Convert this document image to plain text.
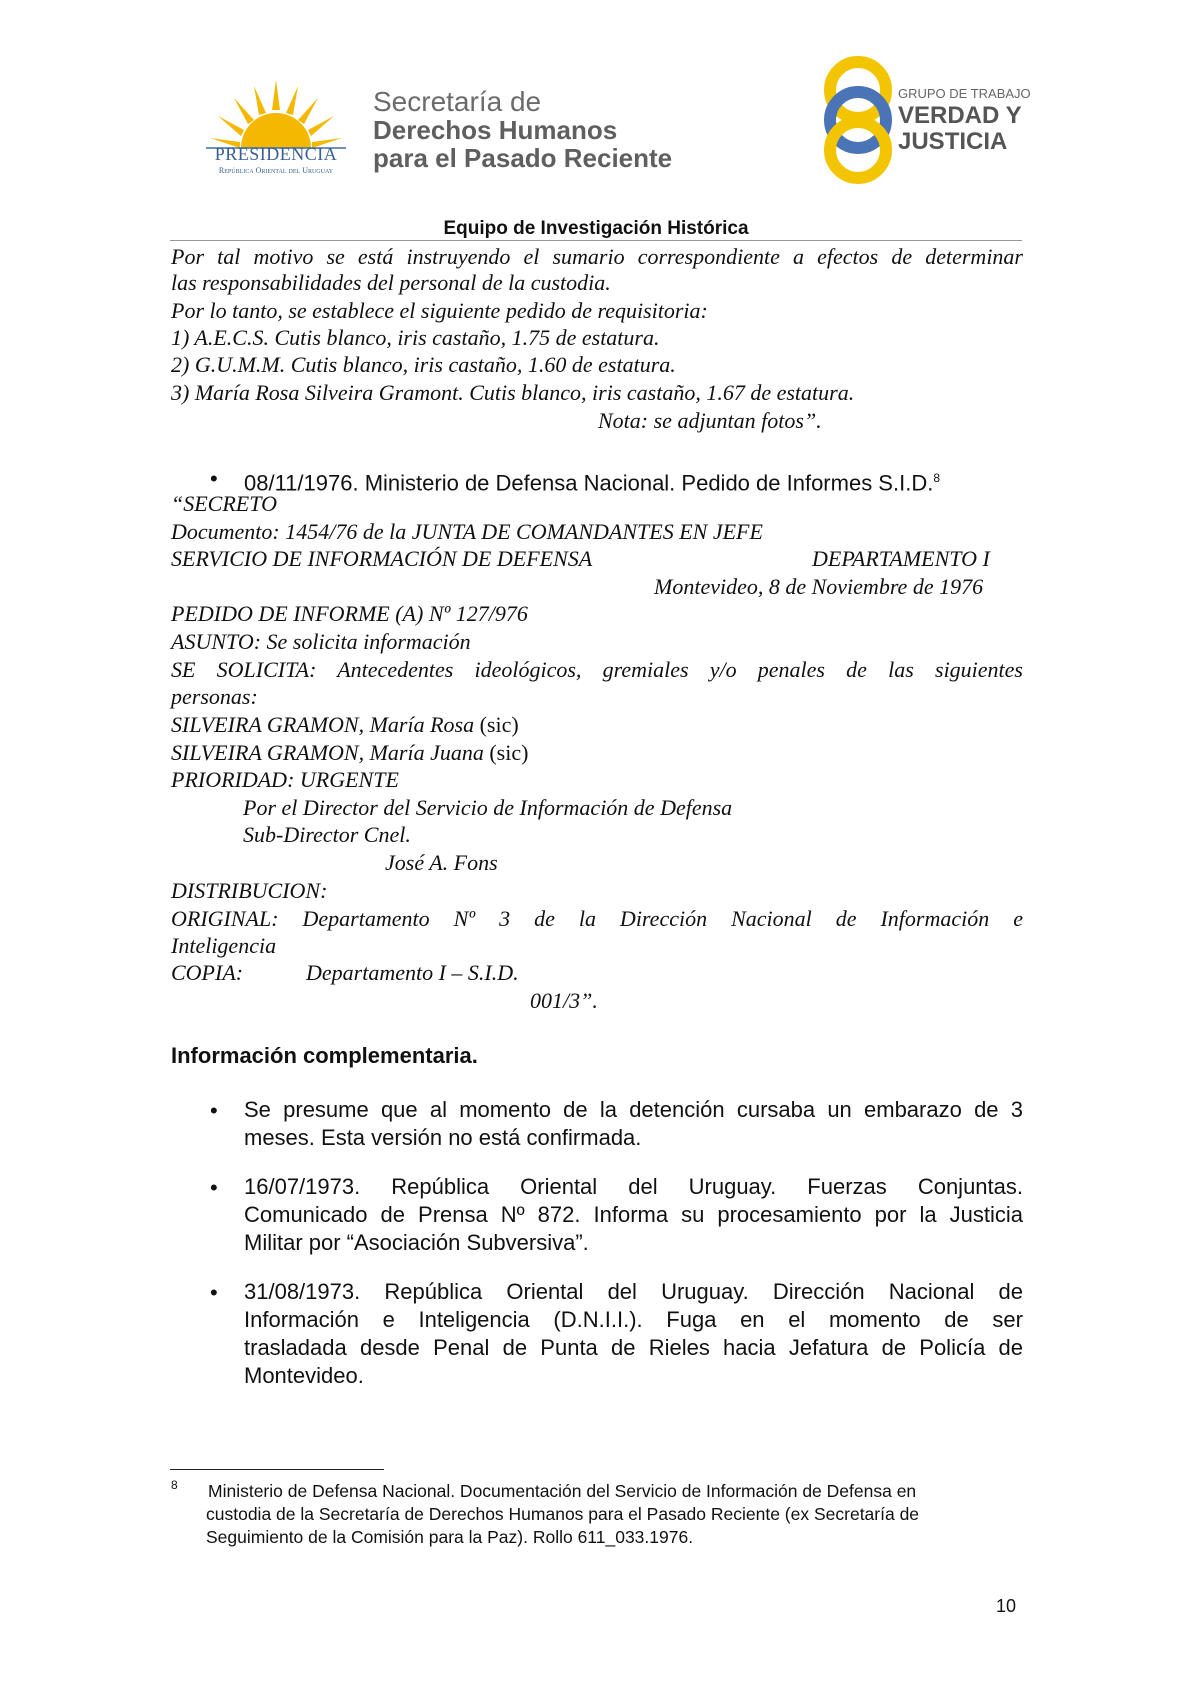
PRESIDENCIA
República Oriental del Uruguay
Secretaría de
Derechos Humanos
para el Pasado Reciente
GRUPO DE TRABAJO
VERDAD Y
JUSTICIA
Equipo de Investigación Histórica
Por tal motivo se está instruyendo el sumario correspondiente a efectos de determinar
las responsabilidades del personal de la custodia.
Por lo tanto, se establece el siguiente pedido de requisitoria:
1) A.E.C.S. Cutis blanco, iris castaño, 1.75 de estatura.
2) G.U.M.M. Cutis blanco, iris castaño, 1.60 de estatura.
3) María Rosa Silveira Gramont. Cutis blanco, iris castaño, 1.67 de estatura.
Nota: se adjuntan fotos”.
• 08/11/1976. Ministerio de Defensa Nacional. Pedido de Informes S.I.D.$^8$
“SECRETO
Documento: 1454/76 de la JUNTA DE COMANDANTES EN JEFE
SERVICIO DE INFORMACIÓN DE DEFENSA	DEPARTAMENTO I
Montevideo, 8 de Noviembre de 1976
PEDIDO DE INFORME (A) Nº 127/976
ASUNTO: Se solicita información
SE SOLICITA: Antecedentes ideológicos, gremiales y/o penales de las siguientes
personas:
SILVEIRA GRAMON, María Rosa (sic)
SILVEIRA GRAMON, María Juana (sic)
PRIORIDAD: URGENTE
Por el Director del Servicio de Información de Defensa
Sub-Director Cnel.
José A. Fons
DISTRIBUCION:
ORIGINAL: Departamento Nº 3 de la Dirección Nacional de Información e
Inteligencia
COPIA:	Departamento I – S.I.D.
001/3”.
Información complementaria.
• Se presume que al momento de la detención cursaba un embarazo de 3
meses. Esta versión no está confirmada.
• 16/07/1973. República Oriental del Uruguay. Fuerzas Conjuntas.
Comunicado de Prensa Nº 872. Informa su procesamiento por la Justicia
Militar por “Asociación Subversiva”.
• 31/08/1973. República Oriental del Uruguay. Dirección Nacional de
Información e Inteligencia (D.N.I.I.). Fuga en el momento de ser
trasladada desde Penal de Punta de Rieles hacia Jefatura de Policía de
Montevideo.
8 Ministerio de Defensa Nacional. Documentación del Servicio de Información de Defensa en
custodia de la Secretaría de Derechos Humanos para el Pasado Reciente (ex Secretaría de
Seguimiento de la Comisión para la Paz). Rollo 611_033.1976.
10
